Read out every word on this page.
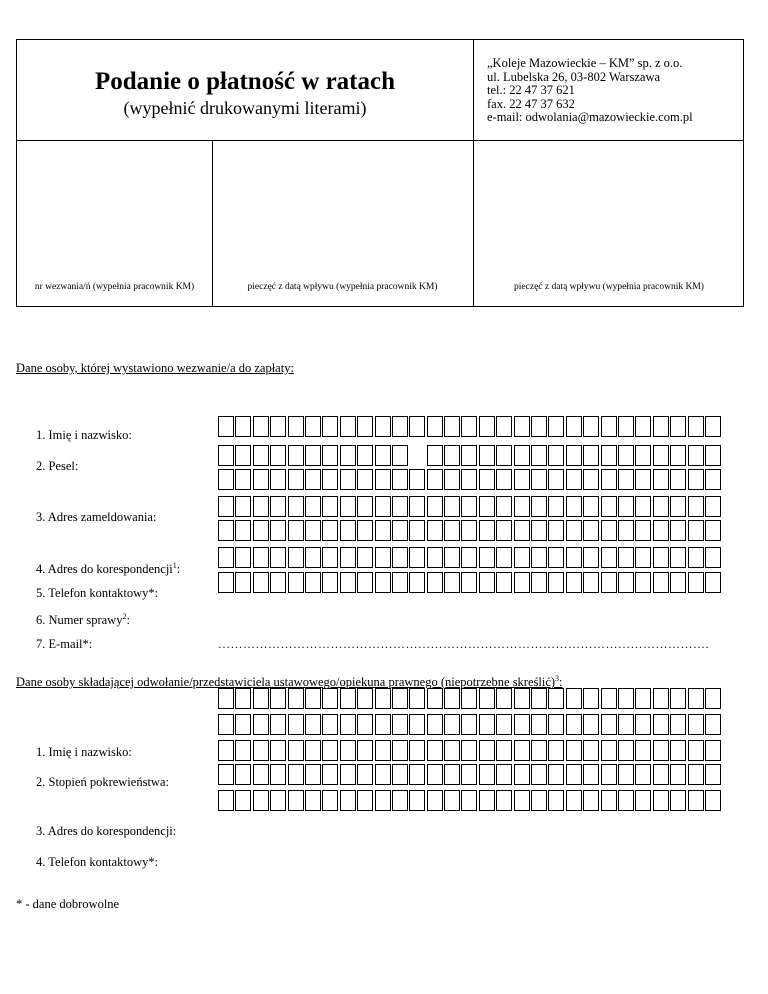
Podanie o płatność w ratach
(wypełnić drukowanymi literami)
„Koleje Mazowieckie – KM” sp. z o.o.
ul. Lubelska 26, 03-802 Warszawa
tel.: 22 47 37 621
fax. 22 47 37 632
e-mail: odwolania@mazowieckie.com.pl
nr wezwania/ń (wypełnia pracownik KM)	pieczęć z datą wpływu (wypełnia pracownik KM)	pieczęć z datą wpływu (wypełnia pracownik KM)
Dane osoby, której wystawiono wezwanie/a do zapłaty:
1. Imię i nazwisko:
2. Pesel:
3. Adres zameldowania:
4. Adres do korespondencji$^1$:
5. Telefon kontaktowy*:
6. Numer sprawy$^2$:
7. E-mail*:	……………………………………………………………………………………………………….
Dane osoby składającej odwołanie/przedstawiciela ustawowego/opiekuna prawnego (niepotrzebne skreślić)$^3$:
1. Imię i nazwisko:
2. Stopień pokrewieństwa:
3. Adres do korespondencji:
4. Telefon kontaktowy*:
* - dane dobrowolne
